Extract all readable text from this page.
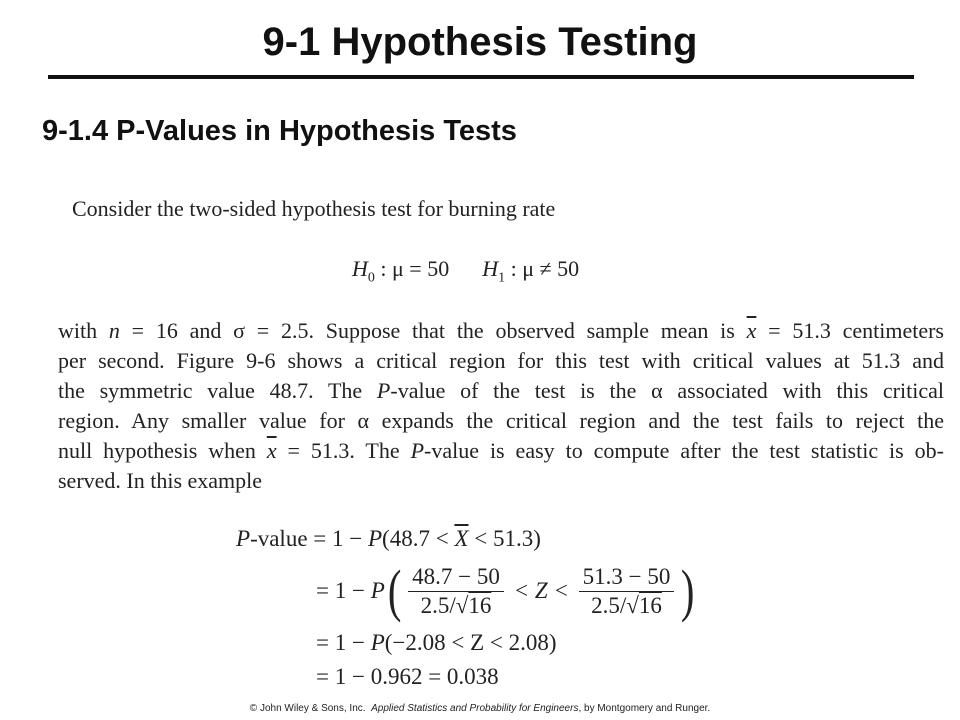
9-1 Hypothesis Testing
9-1.4 P-Values in Hypothesis Tests
Consider the two-sided hypothesis test for burning rate
$H_0$ : μ = 50 $H_1$ : μ ≠ 50
with n = 16 and σ = 2.5. Suppose that the observed sample mean is $\overline{x} = 51.3$ centimeters
per second. Figure 9-6 shows a critical region for this test with critical values at 51.3 and
the symmetric value 48.7. The P-value of the test is the α associated with this critical
region. Any smaller value for α expands the critical region and the test fails to reject the
null hypothesis when $\overline{x} = 51.3$. The P-value is easy to compute after the test statistic is ob-
served. In this example
P -value = 1 − P $(48.7 < \overline{X} < 51.3)$
= 1 − P ( $\frac{48.7 - 50}{2.5/√16} < Z < \frac{51.3 - 50}{2.5/√16}$ )
= 1 − P (−2.08 < Z < 2.08)
= 1 − 0.962 = 0.038
© John Wiley & Sons, Inc.  Applied Statistics and Probability for Engineers, by Montgomery and Runger.
